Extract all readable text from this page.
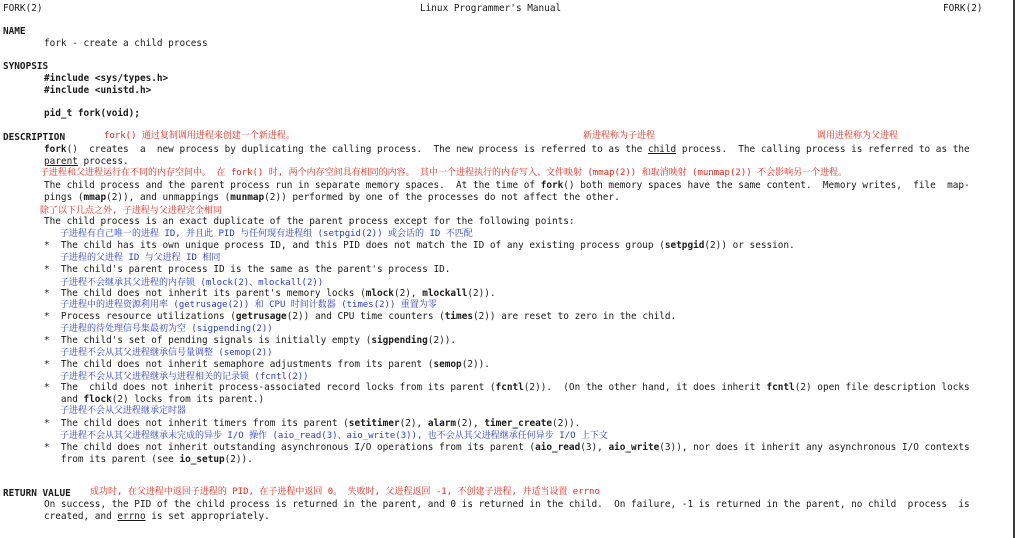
FORK(2)	Linux Programmer's Manual	FORK(2)
NAME
fork - create a child process
SYNOPSIS
#include <sys/types.h>
#include <unistd.h>
pid_t fork(void);
DESCRIPTION	fork() 通过复制调用进程来创建一个新进程。	新进程称为子进程	调用进程称为父进程
fork()  creates  a  new process by duplicating the calling process.  The new process is referred to as the child process.  The calling process is referred to as the
parent process.
子进程和父进程运行在不同的内存空间中。 在 fork() 时, 两个内存空间具有相同的内容。 其中一个进程执行的内存写入、文件映射 (mmap(2)) 和取消映射 (munmap(2)) 不会影响另一个进程。
The child process and the parent process run in separate memory spaces.  At the time of fork() both memory spaces have the same content.  Memory writes,  file  map‐
pings (mmap(2)), and unmappings (munmap(2)) performed by one of the processes do not affect the other.
除了以下几点之外, 子进程与父进程完全相同
The child process is an exact duplicate of the parent process except for the following points:
子进程有自己唯一的进程 ID, 并且此 PID 与任何现有进程组 (setpgid(2)) 或会话的 ID 不匹配
*  The child has its own unique process ID, and this PID does not match the ID of any existing process group (setpgid(2)) or session.
子进程的父进程 ID 与父进程 ID 相同
*  The child's parent process ID is the same as the parent's process ID.
子进程不会继承其父进程的内存锁 (mlock(2)、mlockall(2))
*  The child does not inherit its parent's memory locks (mlock(2), mlockall(2)).
子进程中的进程资源利用率 (getrusage(2)) 和 CPU 时间计数器 (times(2)) 重置为零
*  Process resource utilizations (getrusage(2)) and CPU time counters (times(2)) are reset to zero in the child.
子进程的待处理信号集最初为空 (sigpending(2))
*  The child's set of pending signals is initially empty (sigpending(2)).
子进程不会从其父进程继承信号量调整 (semop(2))
*  The child does not inherit semaphore adjustments from its parent (semop(2)).
子进程不会从其父进程继承与进程相关的记录锁 (fcntl(2))
*  The  child does not inherit process-associated record locks from its parent (fcntl(2)).  (On the other hand, it does inherit fcntl(2) open file description locks
and flock(2) locks from its parent.)
子进程不会从父进程继承定时器
*  The child does not inherit timers from its parent (setitimer(2), alarm(2), timer_create(2)).
子进程不会从其父进程继承未完成的异步 I/O 操作 (aio_read(3)、aio_write(3)), 也不会从其父进程继承任何异步 I/O 上下文
*  The child does not inherit outstanding asynchronous I/O operations from its parent (aio_read(3), aio_write(3)), nor does it inherit any asynchronous I/O contexts
from its parent (see io_setup(2)).
RETURN VALUE 成功时, 在父进程中返回子进程的 PID, 在子进程中返回 0。 失败时, 父进程返回 -1, 不创建子进程, 并适当设置 errno
On success, the PID of the child process is returned in the parent, and 0 is returned in the child.  On failure, -1 is returned in the parent, no child  process  is
created, and errno is set appropriately.
